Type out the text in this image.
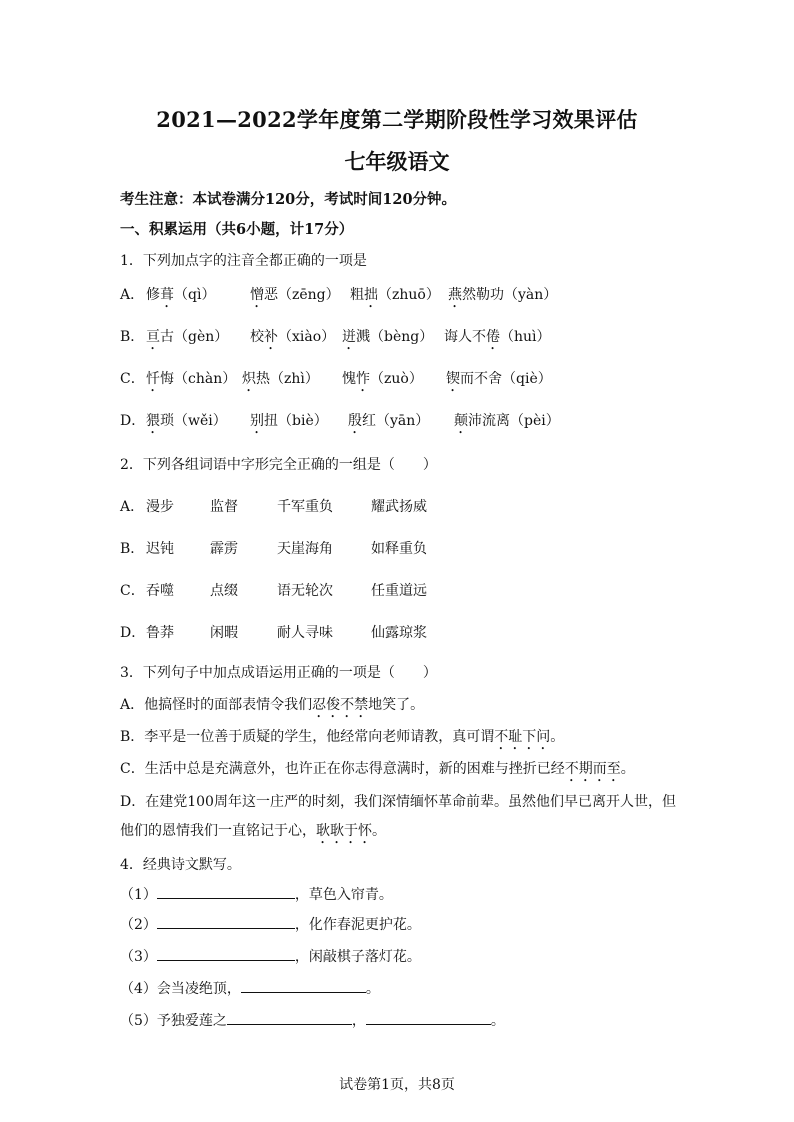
2021—2022学年度第二学期阶段性学习效果评估
七年级语文
考生注意：本试卷满分120分，考试时间120分钟。
一、积累运用（共6小题，计17分）
1．下列加点字的注音全都正确的一项是
A． 修葺（qì） 憎恶（zēng） 粗拙（zhuō） 燕然勒功（yàn）
B． 亘古（gèn） 校补（xiào） 迸溅（bèng） 诲人不倦（huì）
C． 忏悔（chàn） 炽热（zhì） 愧怍（zuò） 锲而不舍（qiè）
D． 猥琐（wěi） 别扭（biè） 殷红（yān） 颠沛流离（pèi）
2．下列各组词语中字形完全正确的一组是（　　）
A． 漫步	监督	千军重负	耀武扬威
B． 迟钝	霹雳	天崖海角	如释重负
C． 吞噬	点缀	语无轮次	任重道远
D． 鲁莽	闲暇	耐人寻味	仙露琼浆
3．下列句子中加点成语运用正确的一项是（　　）
A．他搞怪时的面部表情令我们忍俊不禁地笑了。
B．李平是一位善于质疑的学生，他经常向老师请教，真可谓不耻下问。
C．生活中总是充满意外，也许正在你志得意满时，新的困难与挫折已经不期而至。
D．在建党100周年这一庄严的时刻，我们深情缅怀革命前辈。虽然他们早已离开人世，但
他们的恩情我们一直铭记于心，耿耿于怀。
4．经典诗文默写。
（1）	，草色入帘青。
（2）	，化作春泥更护花。
（3）	，闲敲棋子落灯花。
（4）会当凌绝顶，	。
（5）予独爱莲之	，	。
试卷第1页，共8页
